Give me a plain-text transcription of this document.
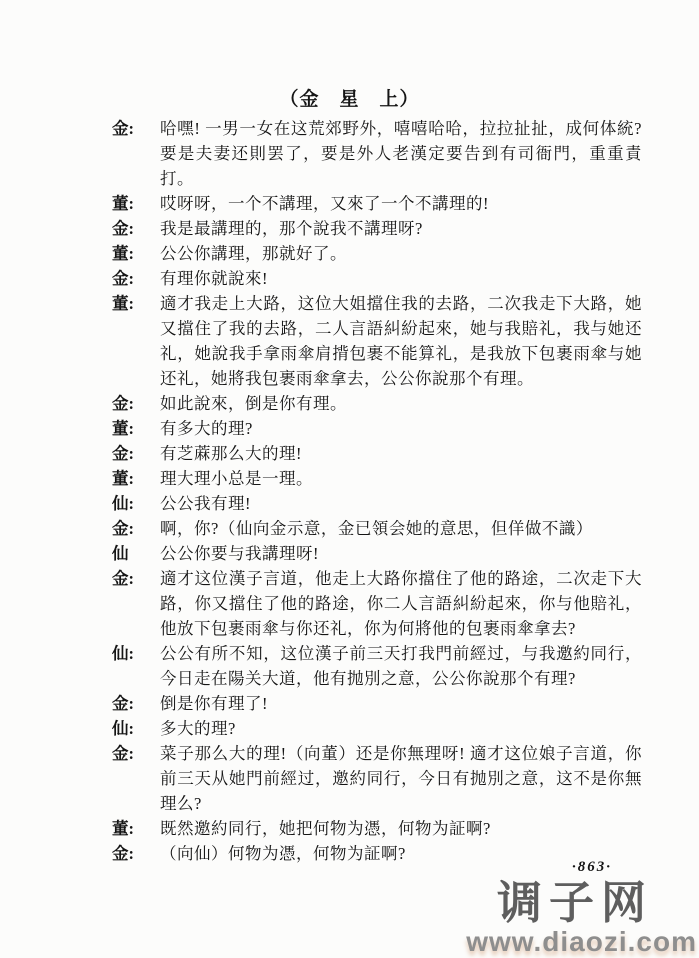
（金　星　上）
金:	哈嘿! 一男一女在这荒郊野外，嘻嘻哈哈，拉拉扯扯，成何体統?要是夫妻还則罢了，要是外人老漢定要告到有司衙門，重重責打。
董:	哎呀呀，一个不講理，又來了一个不講理的!
金:	我是最講理的，那个說我不講理呀?
董:	公公你講理，那就好了。
金:	有理你就說來!
董:	適才我走上大路，这位大姐擋住我的去路，二次我走下大路，她又擋住了我的去路，二人言語糾紛起來，她与我賠礼，我与她还礼，她說我手拿雨傘肩揹包裹不能算礼，是我放下包裹雨傘与她还礼，她將我包裹雨傘拿去，公公你說那个有理。
金:	如此說來，倒是你有理。
董:	有多大的理?
金:	有芝蔴那么大的理!
董:	理大理小总是一理。
仙:	公公我有理!
金:	啊，你?（仙向金示意，金已領会她的意思，但佯做不識）
仙	公公你要与我講理呀!
金:	適才这位漢子言道，他走上大路你擋住了他的路途，二次走下大路，你又擋住了他的路途，你二人言語糾紛起來，你与他賠礼，他放下包裹雨傘与你还礼，你为何將他的包裹雨傘拿去?
仙:	公公有所不知，这位漢子前三天打我門前經过，与我邀約同行，今日走在陽关大道，他有抛別之意，公公你說那个有理?
金:	倒是你有理了!
仙:	多大的理?
金:	菜子那么大的理!（向董）还是你無理呀! 適才这位娘子言道，你前三天从她門前經过，邀約同行，今日有抛別之意，这不是你無理么?
董:	既然邀約同行，她把何物为憑，何物为証啊?
金:	（向仙）何物为憑，何物为証啊?
·863·
调子网
www.diaozi.com
